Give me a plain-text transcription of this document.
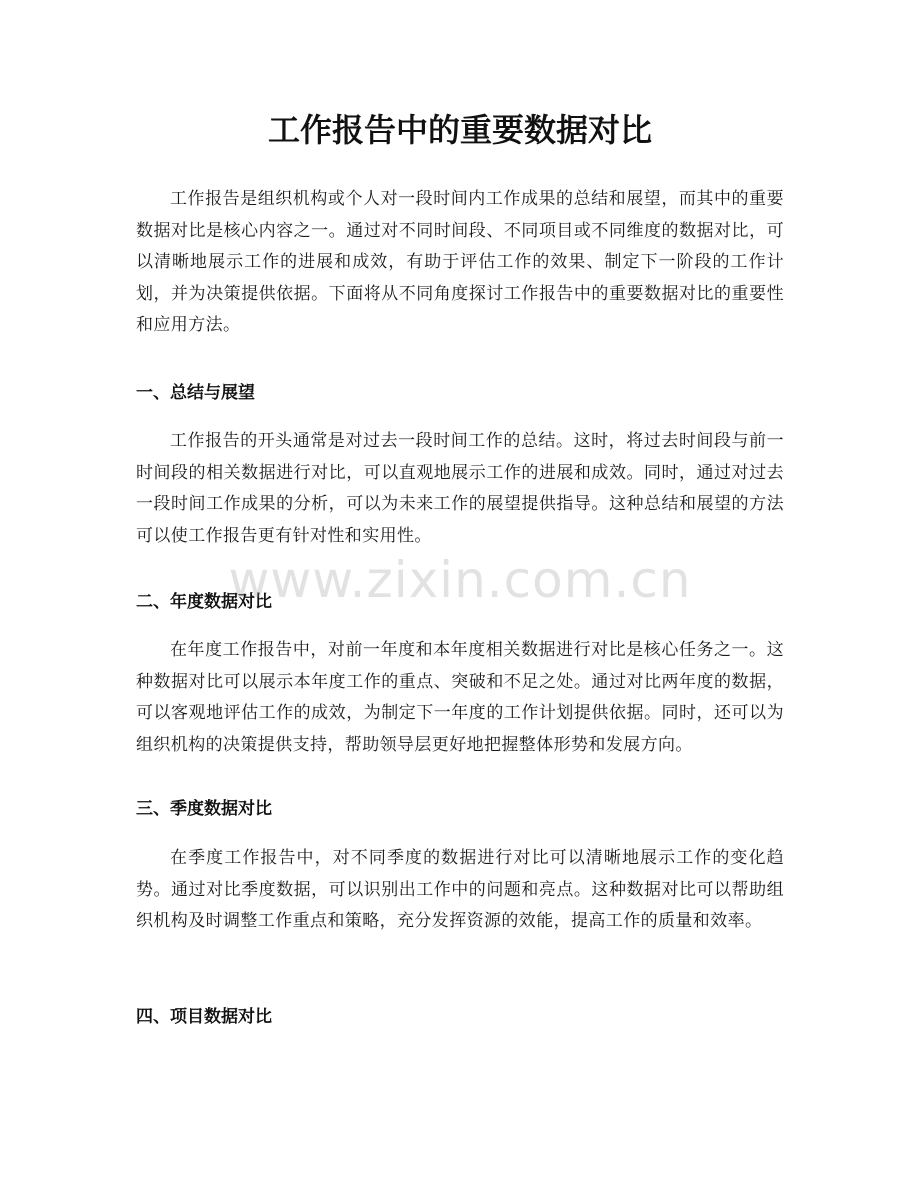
工作报告中的重要数据对比

工作报告是组织机构或个人对一段时间内工作成果的总结和展望，而其中的重要数据对比是核心内容之一。通过对不同时间段、不同项目或不同维度的数据对比，可以清晰地展示工作的进展和成效，有助于评估工作的效果、制定下一阶段的工作计划，并为决策提供依据。下面将从不同角度探讨工作报告中的重要数据对比的重要性和应用方法。

一、总结与展望

工作报告的开头通常是对过去一段时间工作的总结。这时，将过去时间段与前一时间段的相关数据进行对比，可以直观地展示工作的进展和成效。同时，通过对过去一段时间工作成果的分析，可以为未来工作的展望提供指导。这种总结和展望的方法可以使工作报告更有针对性和实用性。

二、年度数据对比

在年度工作报告中，对前一年度和本年度相关数据进行对比是核心任务之一。这种数据对比可以展示本年度工作的重点、突破和不足之处。通过对比两年度的数据，可以客观地评估工作的成效，为制定下一年度的工作计划提供依据。同时，还可以为组织机构的决策提供支持，帮助领导层更好地把握整体形势和发展方向。

三、季度数据对比

在季度工作报告中，对不同季度的数据进行对比可以清晰地展示工作的变化趋势。通过对比季度数据，可以识别出工作中的问题和亮点。这种数据对比可以帮助组织机构及时调整工作重点和策略，充分发挥资源的效能，提高工作的质量和效率。

四、项目数据对比
www.zixin.com.cn
